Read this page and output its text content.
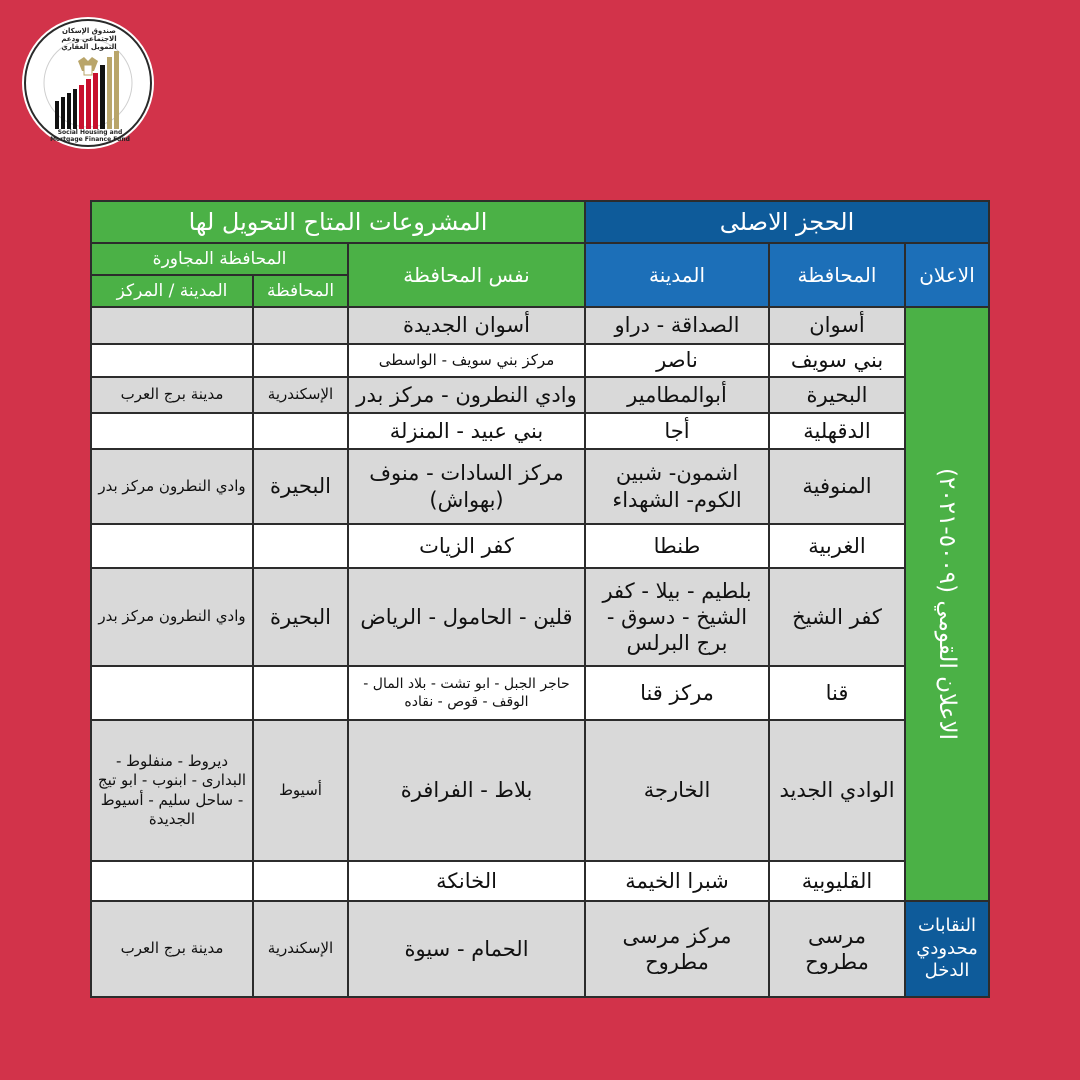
صندوق الإسكان الاجتماعي ودعم التمويل العقاري
Social Housing and Mortgage Finance Fund
الحجز الاصلى
المشروعات المتاح التحويل لها
الاعلان
المحافظة
المدينة
نفس المحافظة
المحافظة المجاورة
المحافظة
المدينة / المركز
الاعلان القومي (٥٠٠٩-٢٠٢١)
النقابات محدودي الدخل
أسوان
الصداقة - دراو
أسوان الجديدة
بني سويف
ناصر
مركز بني سويف - الواسطى
البحيرة
أبوالمطامير
وادي النطرون - مركز بدر
الإسكندرية
مدينة برج العرب
الدقهلية
أجا
بني عبيد - المنزلة
المنوفية
اشمون- شبين الكوم- الشهداء
مركز السادات - منوف (بهواش)
البحيرة
وادي النطرون مركز بدر
الغربية
طنطا
كفر الزيات
كفر الشيخ
بلطيم - بيلا - كفر الشيخ - دسوق - برج البرلس
قلين - الحامول - الرياض
البحيرة
وادي النطرون مركز بدر
قنا
مركز قنا
حاجر الجبل - ابو تشت - بلاد المال - الوقف - قوص - نقاده
الوادي الجديد
الخارجة
بلاط - الفرافرة
أسيوط
ديروط - منفلوط - البدارى - ابنوب - ابو تيج - ساحل سليم - أسيوط الجديدة
القليوبية
شبرا الخيمة
الخانكة
مرسى مطروح
مركز مرسى مطروح
الحمام - سيوة
الإسكندرية
مدينة برج العرب
